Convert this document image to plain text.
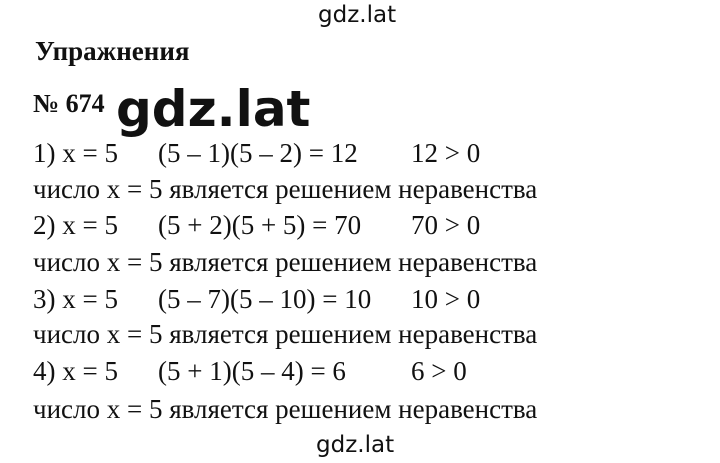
gdz.lat
Упражнения
№ 674 gdz.lat
1) x = 5 (5 – 1)(5 – 2) = 12 12 > 0
число x = 5 является решением неравенства
2) x = 5 (5 + 2)(5 + 5) = 70 70 > 0
число x = 5 является решением неравенства
3) x = 5 (5 – 7)(5 – 10) = 10 10 > 0
число x = 5 является решением неравенства
4) x = 5 (5 + 1)(5 – 4) = 6 6 > 0
число x = 5 является решением неравенства
gdz.lat
